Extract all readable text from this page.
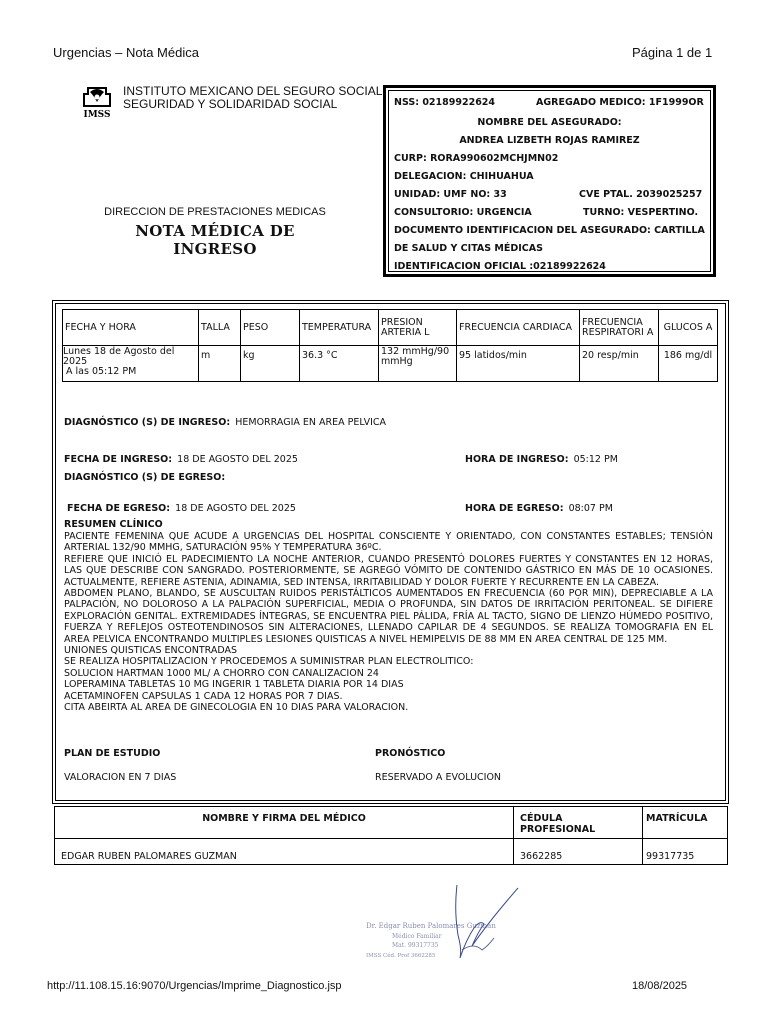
Urgencias – Nota Médica	Página 1 de 1
IMSS
INSTITUTO MEXICANO DEL SEGURO SOCIAL
SEGURIDAD Y SOLIDARIDAD SOCIAL
DIRECCION DE PRESTACIONES MEDICAS
NOTA MÉDICA DE INGRESO
NSS: 02189922624	AGREGADO MEDICO: 1F1999OR
NOMBRE DEL ASEGURADO:
ANDREA LIZBETH ROJAS RAMIREZ
CURP: RORA990602MCHJMN02
DELEGACION: CHIHUAHUA
UNIDAD: UMF NO: 33	CVE PTAL. 2039025257
CONSULTORIO: URGENCIA	TURNO: VESPERTINO.
DOCUMENTO IDENTIFICACION DEL ASEGURADO: CARTILLA
DE SALUD Y CITAS MÉDICAS
IDENTIFICACION OFICIAL :02189922624
FECHA Y HORA	TALLA	PESO	TEMPERATURA	PRESION ARTERIA L	FRECUENCIA CARDIACA	FRECUENCIA RESPIRATORI A	GLUCOS A

Lunes 18 de Agosto del 2025
A las 05:12 PM	m	kg	36.3 °C	132 mmHg/90 mmHg	95 latidos/min	20 resp/min	186 mg/dl
DIAGNÓSTICO (S) DE INGRESO: HEMORRAGIA EN AREA PELVICA
FECHA DE INGRESO: 18 DE AGOSTO DEL 2025	HORA DE INGRESO: 05:12 PM
DIAGNÓSTICO (S) DE EGRESO:
FECHA DE EGRESO: 18 DE AGOSTO DEL 2025	HORA DE EGRESO: 08:07 PM
RESUMEN CLÍNICO

PACIENTE FEMENINA QUE ACUDE A URGENCIAS DEL HOSPITAL CONSCIENTE Y ORIENTADO, CON CONSTANTES ESTABLES; TENSIÓN ARTERIAL 132/90 MMHG, SATURACIÓN 95% Y TEMPERATURA 36ºC.

REFIERE QUE INICIÓ EL PADECIMIENTO LA NOCHE ANTERIOR, CUANDO PRESENTÓ DOLORES FUERTES Y CONSTANTES EN 12 HORAS, LAS QUE DESCRIBE CON SANGRADO. POSTERIORMENTE, SE AGREGÓ VÓMITO DE CONTENIDO GÁSTRICO EN MÁS DE 10 OCASIONES. ACTUALMENTE, REFIERE ASTENIA, ADINAMIA, SED INTENSA, IRRITABILIDAD Y DOLOR FUERTE Y RECURRENTE EN LA CABEZA.

ABDOMEN PLANO, BLANDO, SE AUSCULTAN RUIDOS PERISTÁLTICOS AUMENTADOS EN FRECUENCIA (60 POR MIN), DEPRECIABLE A LA PALPACIÓN, NO DOLOROSO A LA PALPACIÓN SUPERFICIAL, MEDIA O PROFUNDA, SIN DATOS DE IRRITACIÓN PERITONEAL. SE DIFIERE EXPLORACIÓN GENITAL. EXTREMIDADES ÍNTEGRAS, SE ENCUENTRA PIEL PÁLIDA, FRÍA AL TACTO, SIGNO DE LIENZO HÚMEDO POSITIVO, FUERZA Y REFLEJOS OSTEOTENDINOSOS SIN ALTERACIONES, LLENADO CAPILAR DE 4 SEGUNDOS. SE REALIZA TOMOGRAFIA EN EL AREA PELVICA ENCONTRANDO MULTIPLES LESIONES QUISTICAS A NIVEL HEMIPELVIS DE 88 MM EN AREA CENTRAL DE 125 MM.

UNIONES QUISTICAS ENCONTRADAS

SE REALIZA HOSPITALIZACION Y PROCEDEMOS A SUMINISTRAR PLAN ELECTROLITICO:

SOLUCION HARTMAN 1000 ML/ A CHORRO CON CANALIZACION 24

LOPERAMINA TABLETAS 10 MG INGERIR 1 TABLETA DIARIA POR 14 DIAS

ACETAMINOFEN CAPSULAS 1 CADA 12 HORAS POR 7 DIAS.

CITA ABEIRTA AL AREA DE GINECOLOGIA EN 10 DIAS PARA VALORACION.

PLAN DE ESTUDIO	PRONÓSTICO
VALORACION EN 7 DIAS	RESERVADO A EVOLUCION
NOMBRE Y FIRMA DEL MÉDICO	CÉDULA PROFESIONAL	MATRÍCULA
EDGAR RUBEN PALOMARES GUZMAN	3662285	99317735
Dr. Edgar Ruben Palomares Guzman
Médico Familiar
Mat. 99317735
IMSS Céd. Prof 3662285
http://11.108.15.16:9070/Urgencias/Imprime_Diagnostico.jsp	18/08/2025
